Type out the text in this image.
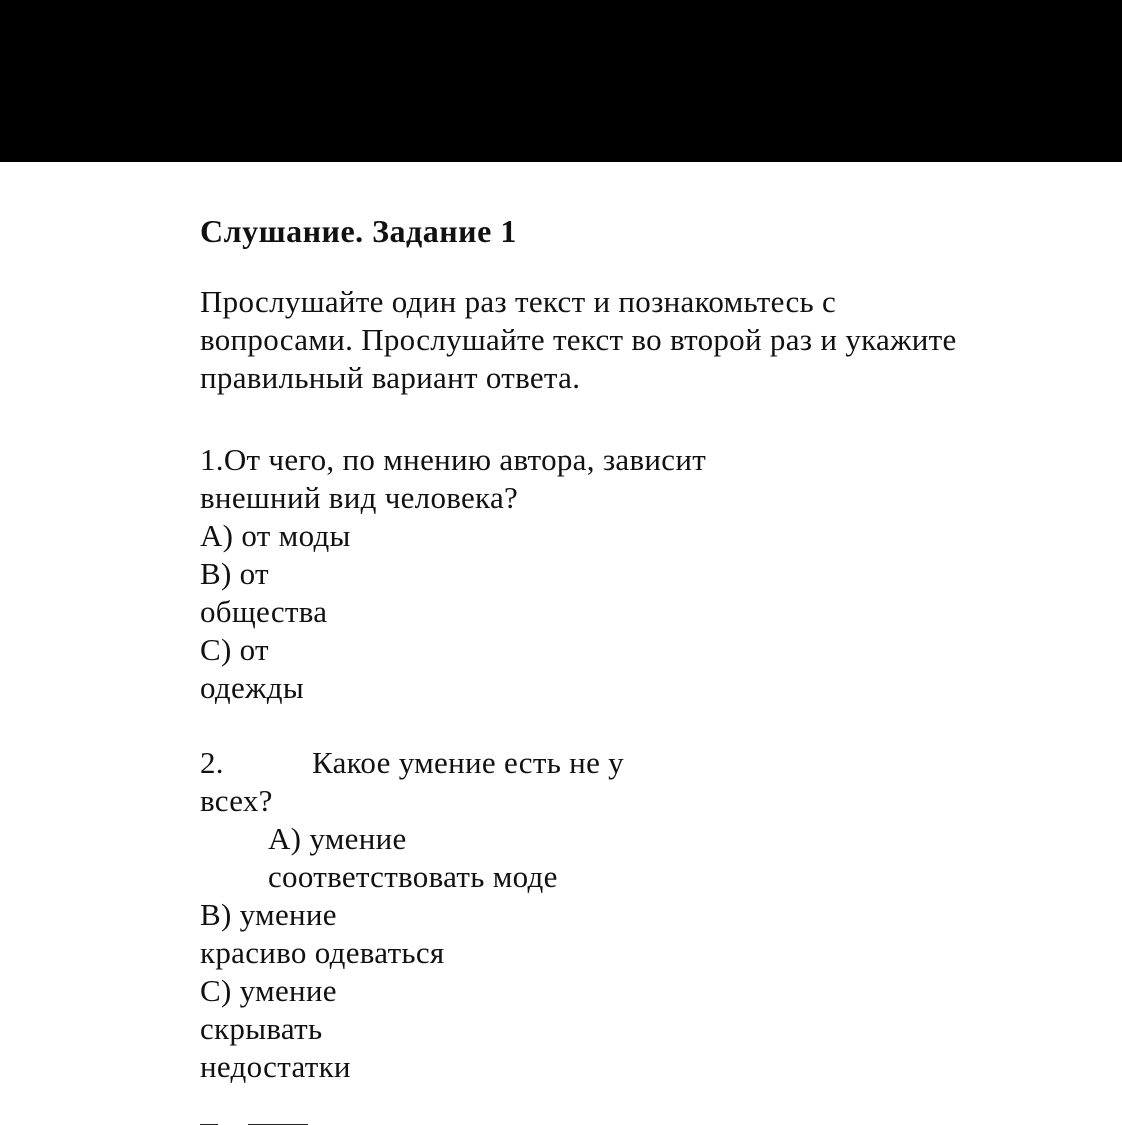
Слушание. Задание 1
Прослушайте один раз текст и познакомьтесь с
вопросами. Прослушайте текст во второй раз и укажите
правильный вариант ответа.
1.От чего, по мнению автора, зависит
внешний вид человека?
А) от моды
В) от
общества
С) от
одежды
2.	Какое умение есть не у
всех?
А) умение
соответствовать моде
В) умение
красиво одеваться
С) умение
скрывать
недостатки
